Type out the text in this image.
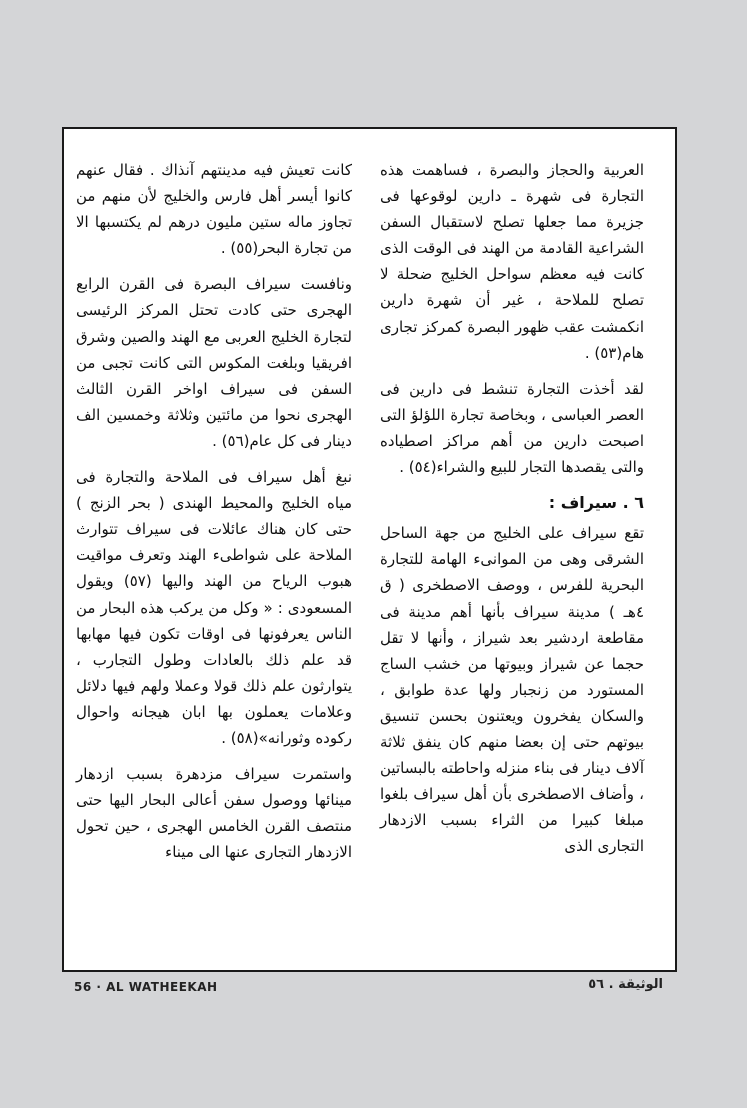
العربية والحجاز والبصرة ، فساهمت هذه التجارة فى شهرة ـ دارين لوقوعها فى جزيرة مما جعلها تصلح لاستقبال السفن الشراعية القادمة من الهند فى الوقت الذى كانت فيه معظم سواحل الخليج ضحلة لا تصلح للملاحة ، غير أن شهرة دارين انكمشت عقب ظهور البصرة كمركز تجارى هام(٥٣) .

لقد أخذت التجارة تنشط فى دارين فى العصر العباسى ، وبخاصة تجارة اللؤلؤ التى اصبحت دارين من أهم مراكز اصطياده والتى يقصدها التجار للبيع والشراء(٥٤) .

٦ . سيراف :

تقع سيراف على الخليج من جهة الساحل الشرقى وهى من الموانىء الهامة للتجارة البحرية للفرس ، ووصف الاصطخرى ( ق ٤هـ ) مدينة سيراف بأنها أهم مدينة فى مقاطعة اردشير بعد شيراز ، وأنها لا تقل حجما عن شيراز وبيوتها من خشب الساج المستورد من زنجبار ولها عدة طوابق ، والسكان يفخرون ويعتنون بحسن تنسيق بيوتهم حتى إن بعضا منهم كان ينفق ثلاثة آلاف دينار فى بناء منزله واحاطته بالبساتين ، وأضاف الاصطخرى بأن أهل سيراف بلغوا مبلغا كبيرا من الثراء بسبب الازدهار التجارى الذى

كانت تعيش فيه مدينتهم آنذاك . فقال عنهم كانوا أيسر أهل فارس والخليج لأن منهم من تجاوز ماله ستين مليون درهم لم يكتسبها الا من تجارة البحر(٥٥) .

ونافست سيراف البصرة فى القرن الرابع الهجرى حتى كادت تحتل المركز الرئيسى لتجارة الخليج العربى مع الهند والصين وشرق افريقيا وبلغت المكوس التى كانت تجبى من السفن فى سيراف اواخر القرن الثالث الهجرى نحوا من مائتين وثلاثة وخمسين الف دينار فى كل عام(٥٦) .

نبغ أهل سيراف فى الملاحة والتجارة فى مياه الخليج والمحيط الهندى ( بحر الزنج ) حتى كان هناك عائلات فى سيراف تتوارث الملاحة على شواطىء الهند وتعرف مواقيت هبوب الرياح من الهند واليها (٥٧) ويقول المسعودى : « وكل من يركب هذه البحار من الناس يعرفونها فى اوقات تكون فيها مهابها قد علم ذلك بالعادات وطول التجارب ، يتوارثون علم ذلك قولا وعملا ولهم فيها دلائل وعلامات يعملون بها ابان هيجانه واحوال ركوده وثورانه»(٥٨) .

واستمرت سيراف مزدهرة بسبب ازدهار مينائها ووصول سفن أعالى البحار اليها حتى منتصف القرن الخامس الهجرى ، حين تحول الازدهار التجارى عنها الى ميناء

56 · AL WATHEEKAH	الوثيقة . ٥٦
